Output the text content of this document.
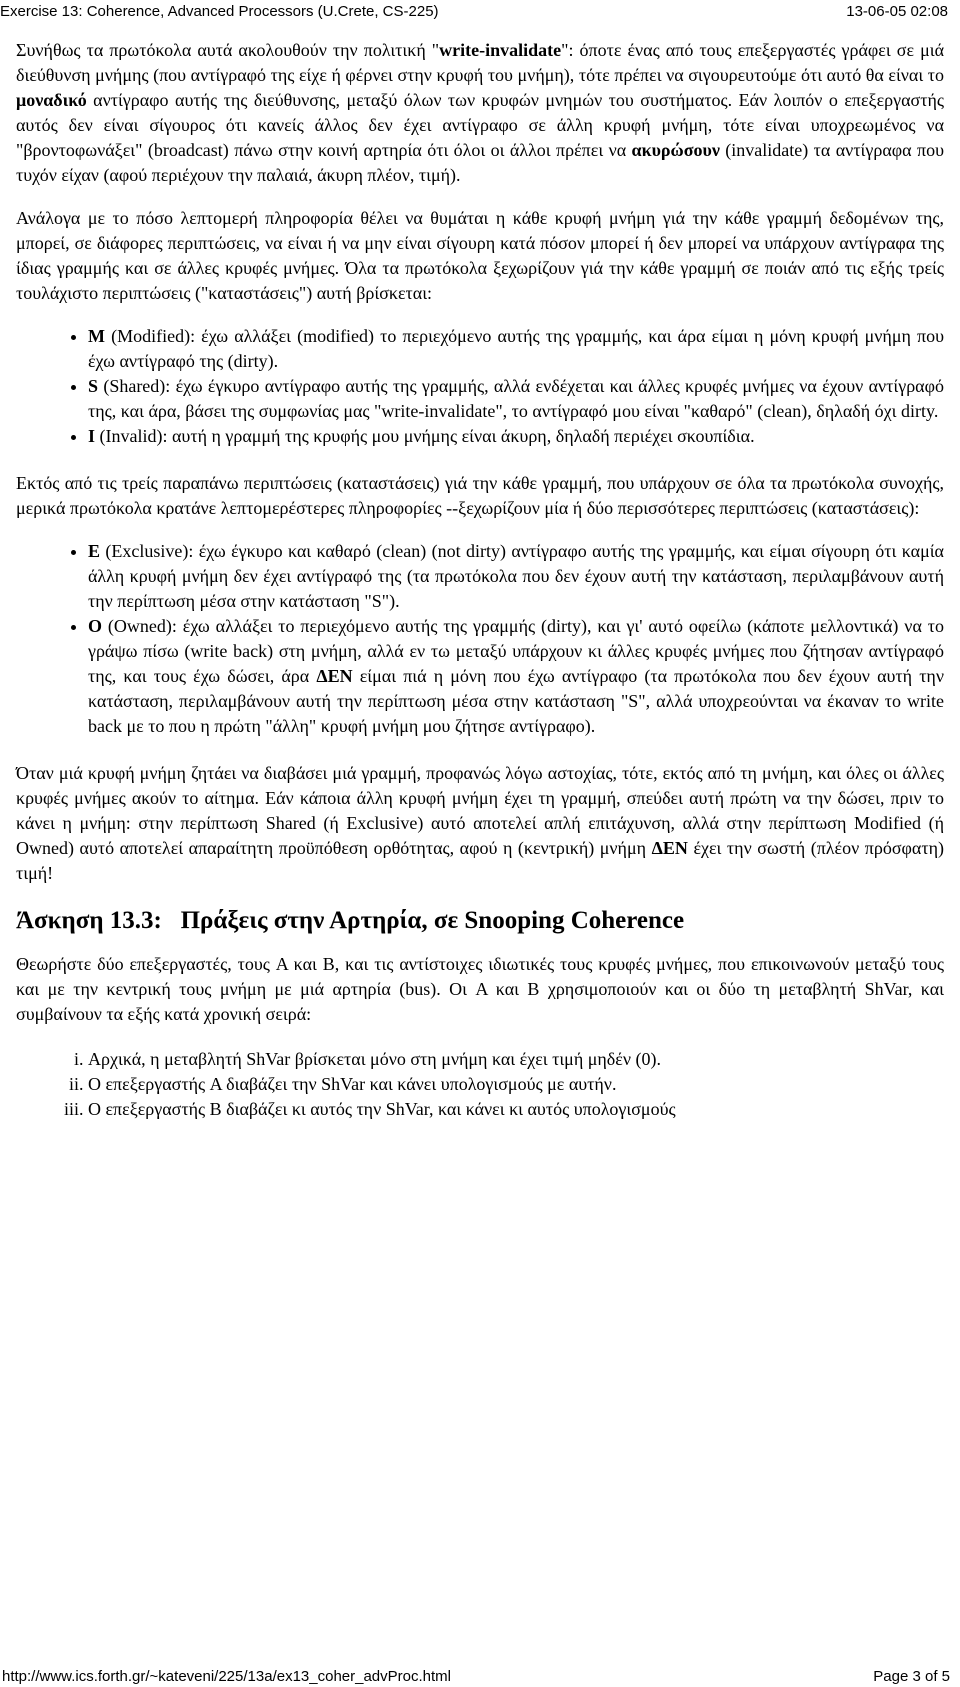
Exercise 13: Coherence, Advanced Processors (U.Crete, CS-225)	13-06-05 02:08

Συνήθως τα πρωτόκολα αυτά ακολουθούν την πολιτική "write-invalidate": όποτε ένας από τους επεξεργαστές γράφει σε μιά διεύθυνση μνήμης (που αντίγραφό της είχε ή φέρνει στην κρυφή του μνήμη), τότε πρέπει να σιγουρευτούμε ότι αυτό θα είναι το μοναδικό αντίγραφο αυτής της διεύθυνσης, μεταξύ όλων των κρυφών μνημών του συστήματος. Εάν λοιπόν ο επεξεργαστής αυτός δεν είναι σίγουρος ότι κανείς άλλος δεν έχει αντίγραφο σε άλλη κρυφή μνήμη, τότε είναι υποχρεωμένος να "βροντοφωνάξει" (broadcast) πάνω στην κοινή αρτηρία ότι όλοι οι άλλοι πρέπει να ακυρώσουν (invalidate) τα αντίγραφα που τυχόν είχαν (αφού περιέχουν την παλαιά, άκυρη πλέον, τιμή).

Ανάλογα με το πόσο λεπτομερή πληροφορία θέλει να θυμάται η κάθε κρυφή μνήμη γιά την κάθε γραμμή δεδομένων της, μπορεί, σε διάφορες περιπτώσεις, να είναι ή να μην είναι σίγουρη κατά πόσον μπορεί ή δεν μπορεί να υπάρχουν αντίγραφα της ίδιας γραμμής και σε άλλες κρυφές μνήμες. Όλα τα πρωτόκολα ξεχωρίζουν γιά την κάθε γραμμή σε ποιάν από τις εξής τρείς τουλάχιστο περιπτώσεις ("καταστάσεις") αυτή βρίσκεται:

• M (Modified): έχω αλλάξει (modified) το περιεχόμενο αυτής της γραμμής, και άρα είμαι η μόνη κρυφή μνήμη που έχω αντίγραφό της (dirty).
• S (Shared): έχω έγκυρο αντίγραφο αυτής της γραμμής, αλλά ενδέχεται και άλλες κρυφές μνήμες να έχουν αντίγραφό της, και άρα, βάσει της συμφωνίας μας "write-invalidate", το αντίγραφό μου είναι "καθαρό" (clean), δηλαδή όχι dirty.
• I (Invalid): αυτή η γραμμή της κρυφής μου μνήμης είναι άκυρη, δηλαδή περιέχει σκουπίδια.

Εκτός από τις τρείς παραπάνω περιπτώσεις (καταστάσεις) γιά την κάθε γραμμή, που υπάρχουν σε όλα τα πρωτόκολα συνοχής, μερικά πρωτόκολα κρατάνε λεπτομερέστερες πληροφορίες --ξεχωρίζουν μία ή δύο περισσότερες περιπτώσεις (καταστάσεις):

• E (Exclusive): έχω έγκυρο και καθαρό (clean) (not dirty) αντίγραφο αυτής της γραμμής, και είμαι σίγουρη ότι καμία άλλη κρυφή μνήμη δεν έχει αντίγραφό της (τα πρωτόκολα που δεν έχουν αυτή την κατάσταση, περιλαμβάνουν αυτή την περίπτωση μέσα στην κατάσταση "S").
• O (Owned): έχω αλλάξει το περιεχόμενο αυτής της γραμμής (dirty), και γι' αυτό οφείλω (κάποτε μελλοντικά) να το γράψω πίσω (write back) στη μνήμη, αλλά εν τω μεταξύ υπάρχουν κι άλλες κρυφές μνήμες που ζήτησαν αντίγραφό της, και τους έχω δώσει, άρα ΔΕΝ είμαι πιά η μόνη που έχω αντίγραφο (τα πρωτόκολα που δεν έχουν αυτή την κατάσταση, περιλαμβάνουν αυτή την περίπτωση μέσα στην κατάσταση "S", αλλά υποχρεούνται να έκαναν το write back με το που η πρώτη "άλλη" κρυφή μνήμη μου ζήτησε αντίγραφο).

Όταν μιά κρυφή μνήμη ζητάει να διαβάσει μιά γραμμή, προφανώς λόγω αστοχίας, τότε, εκτός από τη μνήμη, και όλες οι άλλες κρυφές μνήμες ακούν το αίτημα. Εάν κάποια άλλη κρυφή μνήμη έχει τη γραμμή, σπεύδει αυτή πρώτη να την δώσει, πριν το κάνει η μνήμη: στην περίπτωση Shared (ή Exclusive) αυτό αποτελεί απλή επιτάχυνση, αλλά στην περίπτωση Modified (ή Owned) αυτό αποτελεί απαραίτητη προϋπόθεση ορθότητας, αφού η (κεντρική) μνήμη ΔΕΝ έχει την σωστή (πλέον πρόσφατη) τιμή!

Άσκηση 13.3: Πράξεις στην Αρτηρία, σε Snooping Coherence

Θεωρήστε δύο επεξεργαστές, τους A και B, και τις αντίστοιχες ιδιωτικές τους κρυφές μνήμες, που επικοινωνούν μεταξύ τους και με την κεντρική τους μνήμη με μιά αρτηρία (bus). Οι A και B χρησιμοποιούν και οι δύο τη μεταβλητή ShVar, και συμβαίνουν τα εξής κατά χρονική σειρά:

i. Αρχικά, η μεταβλητή ShVar βρίσκεται μόνο στη μνήμη και έχει τιμή μηδέν (0).
ii. Ο επεξεργαστής A διαβάζει την ShVar και κάνει υπολογισμούς με αυτήν.
iii. Ο επεξεργαστής B διαβάζει κι αυτός την ShVar, και κάνει κι αυτός υπολογισμούς
http://www.ics.forth.gr/~kateveni/225/13a/ex13_coher_advProc.html	Page 3 of 5
